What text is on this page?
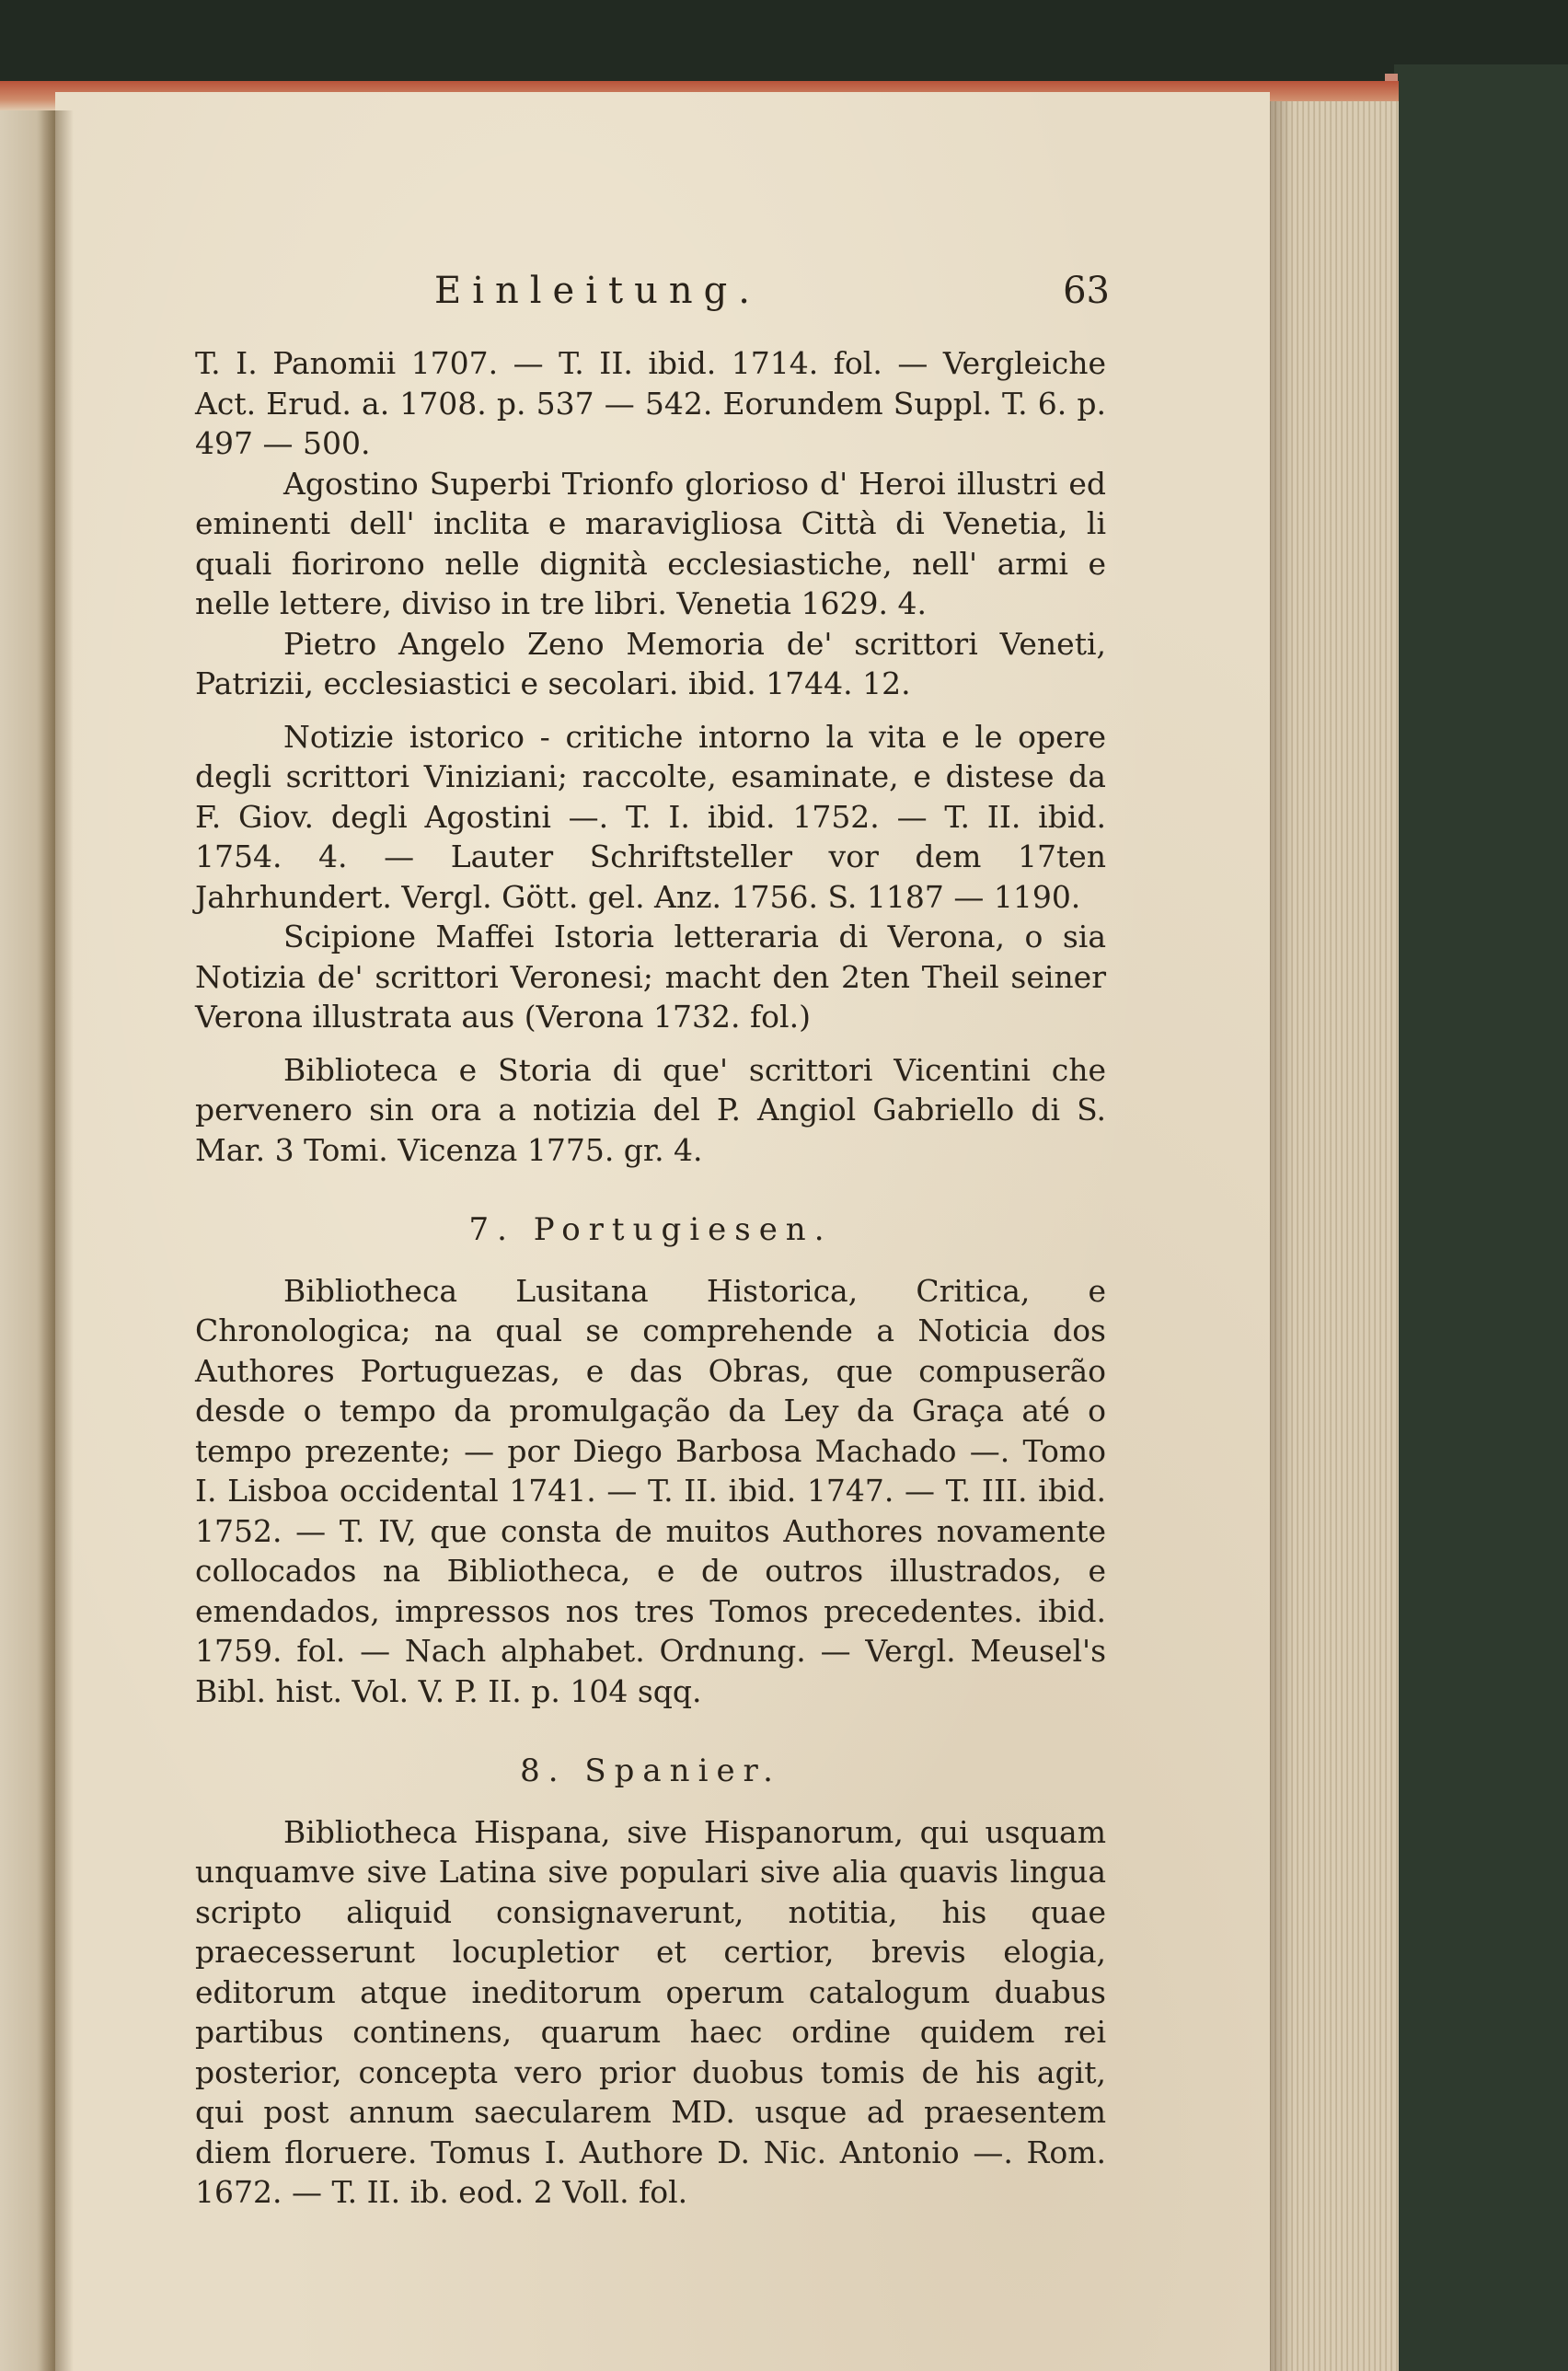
Einleitung.	63

T. I. Panomii 1707. — T. II. ibid. 1714. fol. — Vergleiche Act. Erud. a. 1708. p. 537 — 542. Eorundem Suppl. T. 6. p. 497 — 500.

Agostino Superbi Trionfo glorioso d' Heroi illustri ed eminenti dell' inclita e maravigliosa Città di Venetia, li quali fiorirono nelle dignità ecclesiastiche, nell' armi e nelle lettere, diviso in tre libri. Venetia 1629. 4.

Pietro Angelo Zeno Memoria de' scrittori Veneti, Patrizii, ecclesiastici e secolari. ibid. 1744. 12.

Notizie istorico - critiche intorno la vita e le opere degli scrittori Viniziani; raccolte, esaminate, e distese da F. Giov. degli Agostini —. T. I. ibid. 1752. — T. II. ibid. 1754. 4. — Lauter Schriftsteller vor dem 17ten Jahrhundert. Vergl. Gött. gel. Anz. 1756. S. 1187 — 1190.

Scipione Maffei Istoria letteraria di Verona, o sia Notizia de' scrittori Veronesi; macht den 2ten Theil seiner Verona illustrata aus (Verona 1732. fol.)

Biblioteca e Storia di que' scrittori Vicentini che pervenero sin ora a notizia del P. Angiol Gabriello di S. Mar. 3 Tomi. Vicenza 1775. gr. 4.

7. Portugiesen.

Bibliotheca Lusitana Historica, Critica, e Chronologica; na qual se comprehende a Noticia dos Authores Portuguezas, e das Obras, que compuserão desde o tempo da promulgação da Ley da Graça até o tempo prezente; — por Diego Barbosa Machado —. Tomo I. Lisboa occidental 1741. — T. II. ibid. 1747. — T. III. ibid. 1752. — T. IV, que consta de muitos Authores novamente collocados na Bibliotheca, e de outros illustrados, e emendados, impressos nos tres Tomos precedentes. ibid. 1759. fol. — Nach alphabet. Ordnung. — Vergl. Meusel's Bibl. hist. Vol. V. P. II. p. 104 sqq.

8. Spanier.

Bibliotheca Hispana, sive Hispanorum, qui usquam unquamve sive Latina sive populari sive alia quavis lingua scripto aliquid consignaverunt, notitia, his quae praecesserunt locupletior et certior, brevis elogia, editorum atque ineditorum operum catalogum duabus partibus continens, quarum haec ordine quidem rei posterior, concepta vero prior duobus tomis de his agit, qui post annum saecularem MD. usque ad praesentem diem floruere. Tomus I. Authore D. Nic. Antonio —. Rom. 1672. — T. II. ib. eod. 2 Voll. fol.
